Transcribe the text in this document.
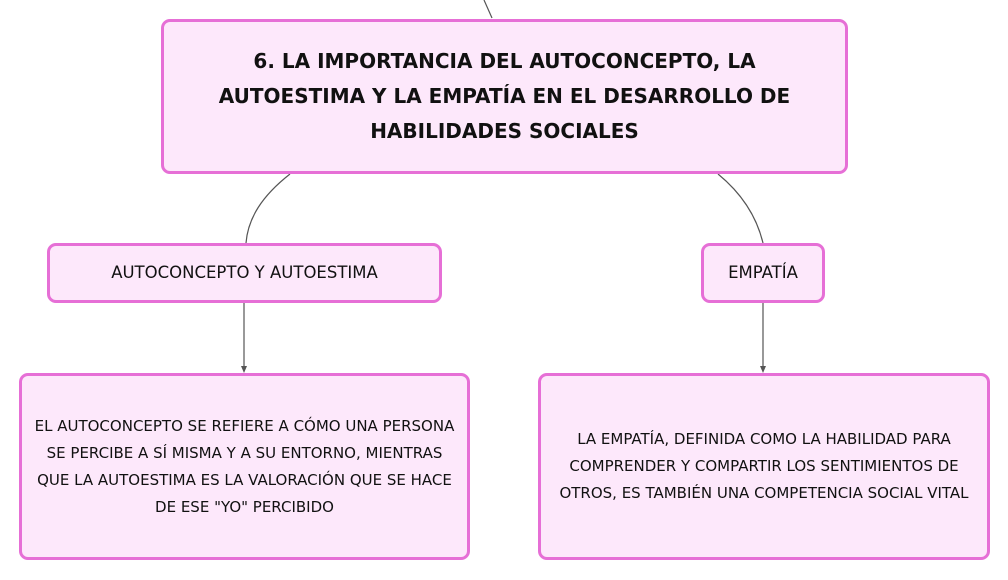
6. LA IMPORTANCIA DEL AUTOCONCEPTO, LA AUTOESTIMA Y LA EMPATÍA EN EL DESARROLLO DE HABILIDADES SOCIALES
AUTOCONCEPTO Y AUTOESTIMA	EMPATÍA
EL AUTOCONCEPTO SE REFIERE A CÓMO UNA PERSONA SE PERCIBE A SÍ MISMA Y A SU ENTORNO, MIENTRAS QUE LA AUTOESTIMA ES LA VALORACIÓN QUE SE HACE DE ESE "YO" PERCIBIDO
LA EMPATÍA, DEFINIDA COMO LA HABILIDAD PARA COMPRENDER Y COMPARTIR LOS SENTIMIENTOS DE OTROS, ES TAMBIÉN UNA COMPETENCIA SOCIAL VITAL
